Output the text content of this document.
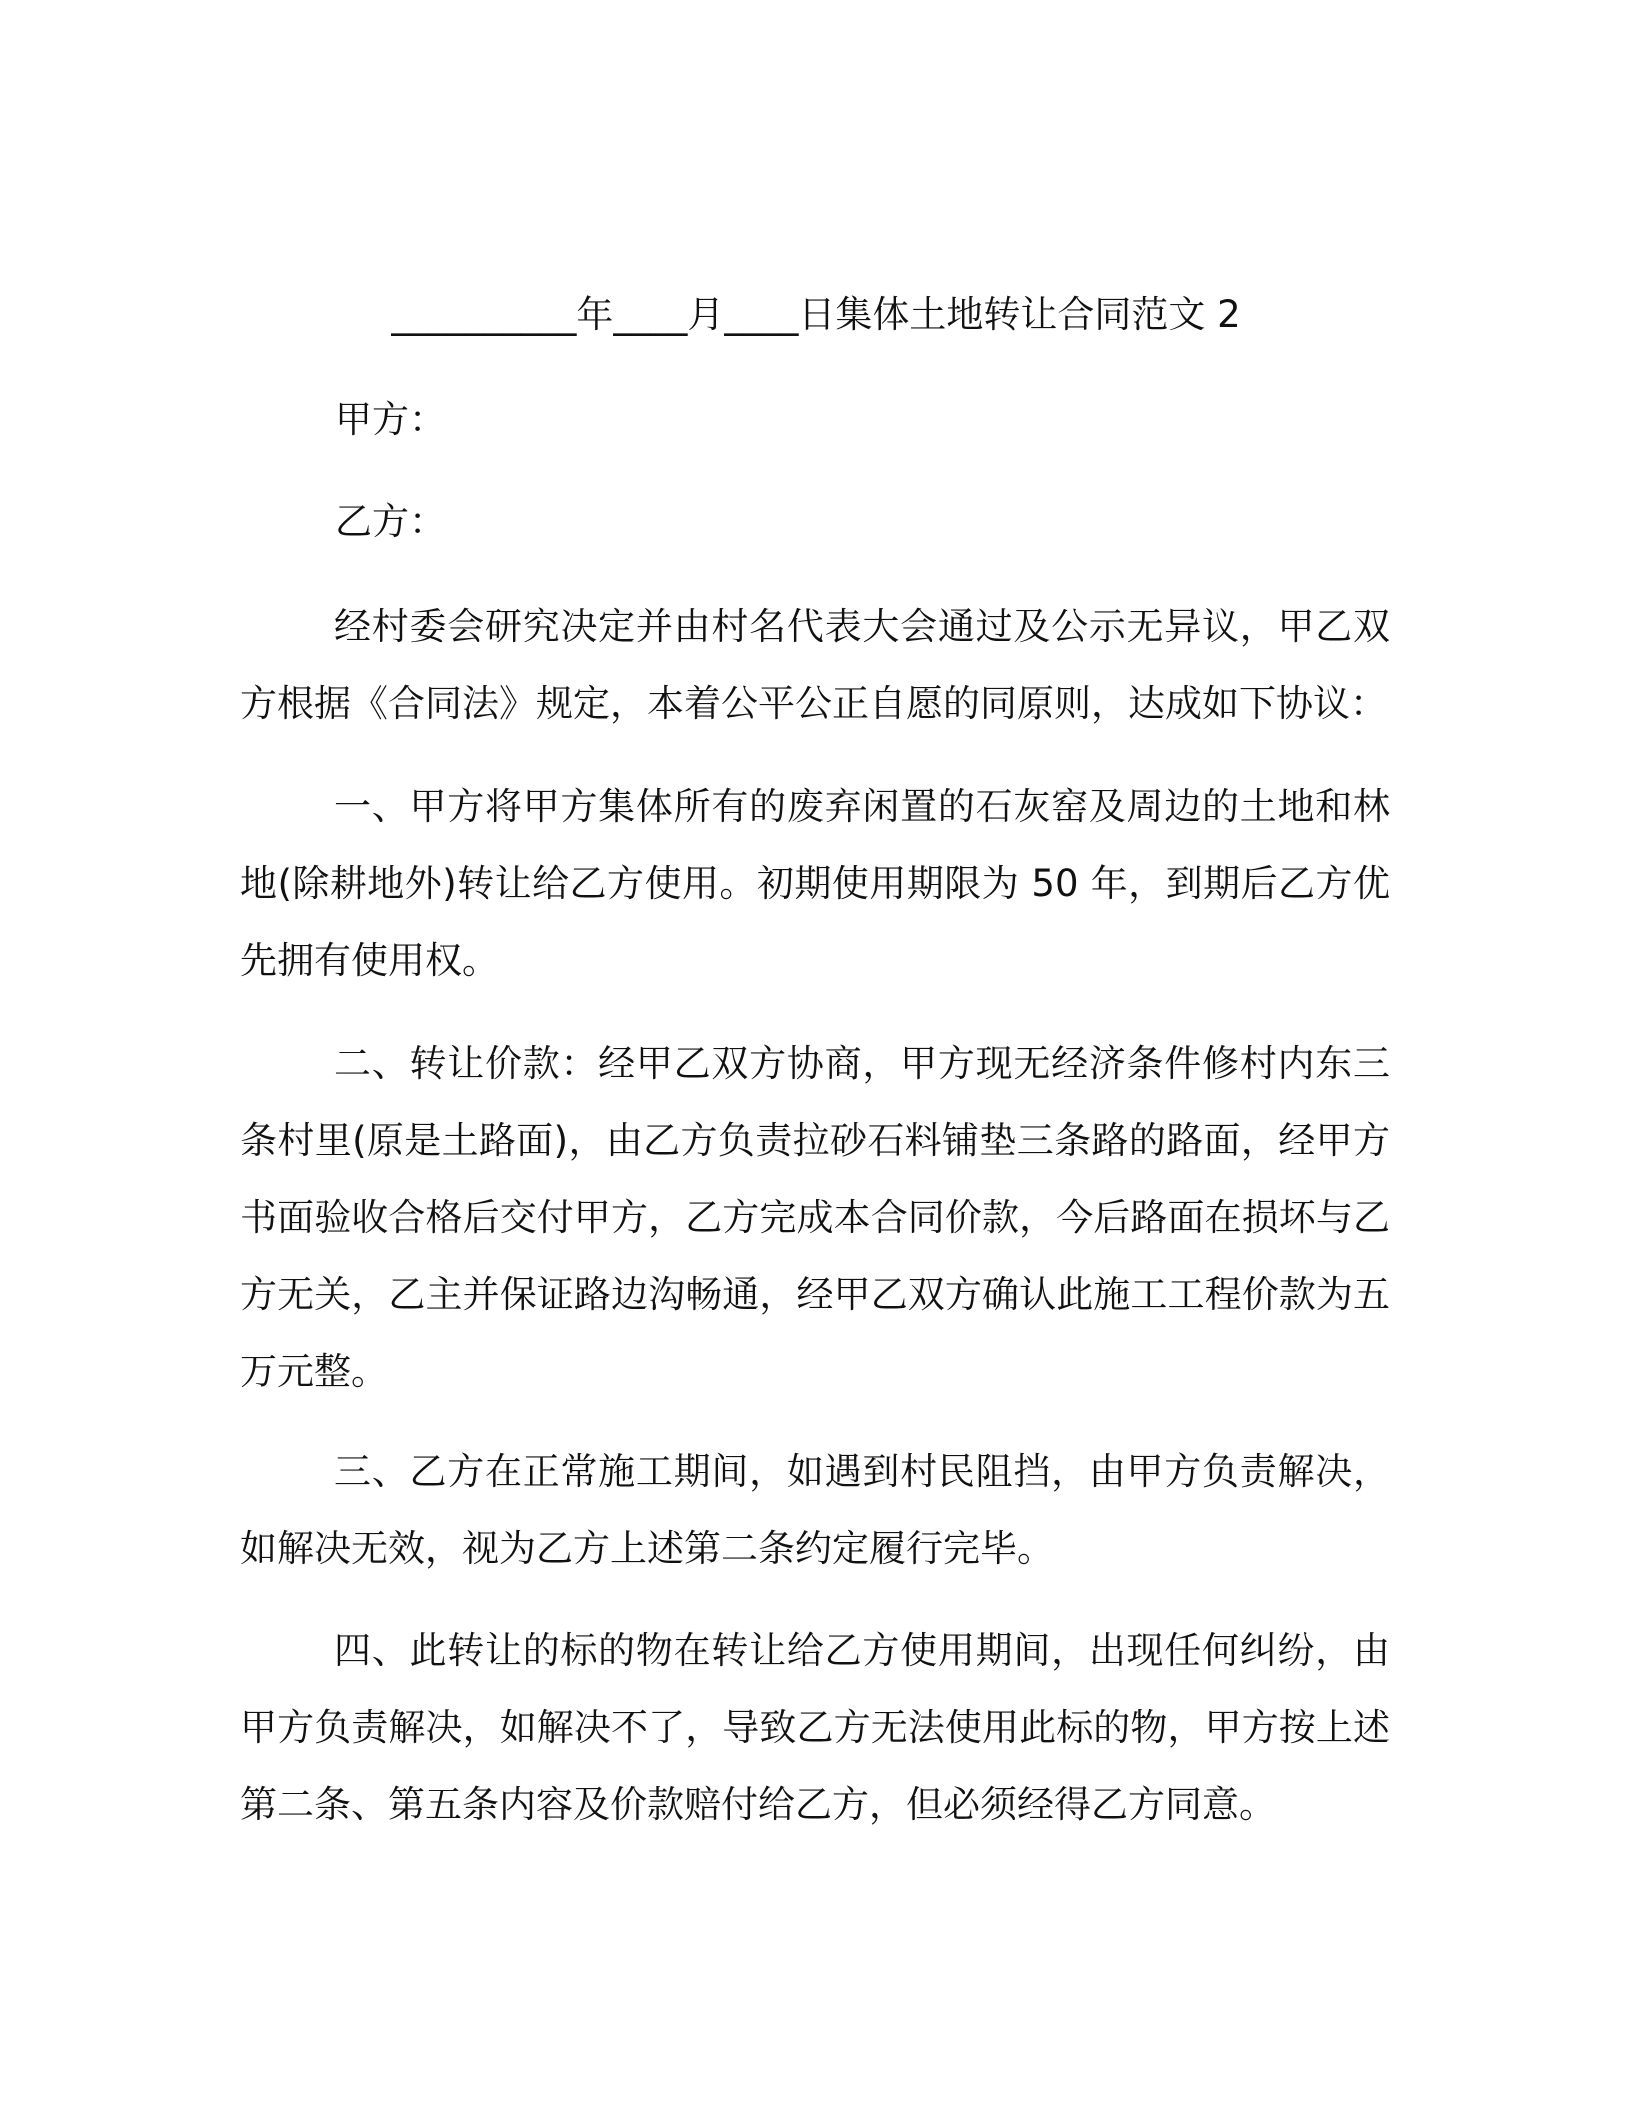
__________年____月____日集体土地转让合同范文 2
甲方：
乙方：

经村委会研究决定并由村名代表大会通过及公示无异议，甲乙双方根据《合同法》规定，本着公平公正自愿的同原则，达成如下协议：

一、甲方将甲方集体所有的废弃闲置的石灰窑及周边的土地和林地(除耕地外)转让给乙方使用。初期使用期限为 50 年，到期后乙方优先拥有使用权。

二、转让价款：经甲乙双方协商，甲方现无经济条件修村内东三条村里(原是土路面)，由乙方负责拉砂石料铺垫三条路的路面，经甲方书面验收合格后交付甲方，乙方完成本合同价款，今后路面在损坏与乙方无关，乙主并保证路边沟畅通，经甲乙双方确认此施工工程价款为五万元整。

三、乙方在正常施工期间，如遇到村民阻挡，由甲方负责解决，如解决无效，视为乙方上述第二条约定履行完毕。

四、此转让的标的物在转让给乙方使用期间，出现任何纠纷，由甲方负责解决，如解决不了，导致乙方无法使用此标的物，甲方按上述第二条、第五条内容及价款赔付给乙方，但必须经得乙方同意。
